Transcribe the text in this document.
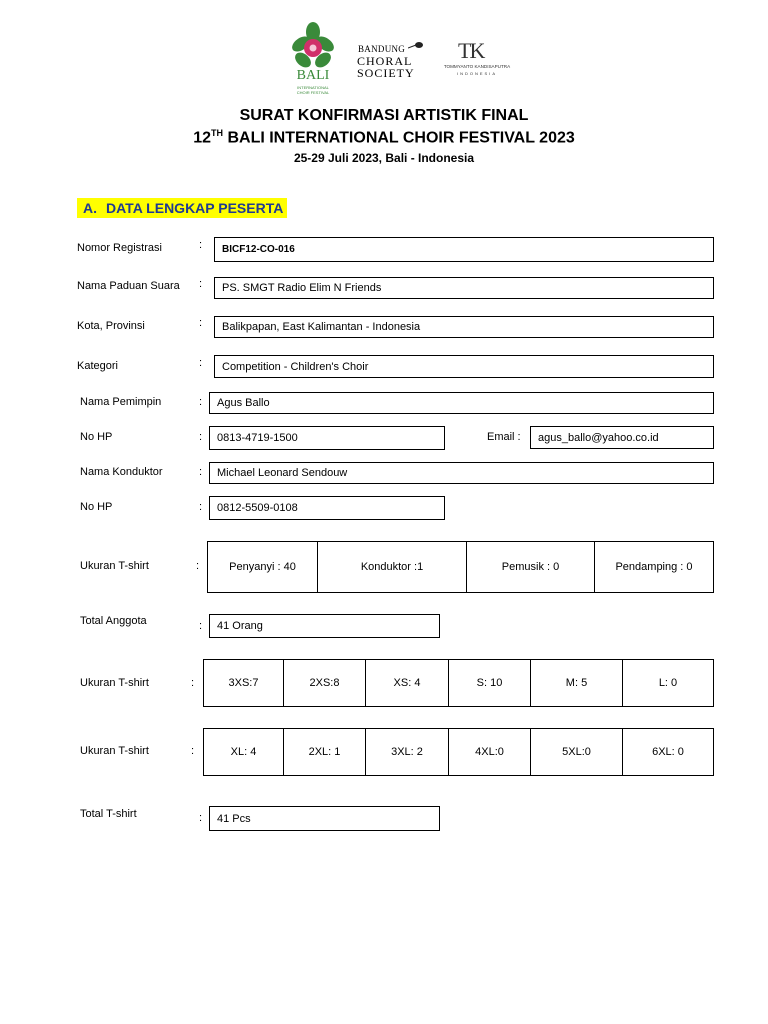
BALI
INTERNATIONAL
CHOIR FESTIVAL
BANDUNG
CHORAL
SOCIETY
TK
TOMMYANTO KANDISAPUTRA
INDONESIA
SURAT KONFIRMASI ARTISTIK FINAL
12TH BALI INTERNATIONAL CHOIR FESTIVAL 2023
25-29 Juli 2023, Bali - Indonesia
A. DATA LENGKAP PESERTA
Nomor Registrasi	:	BICF12-CO-016
Nama Paduan Suara :	PS. SMGT Radio Elim N Friends
Kota, Provinsi	:	Balikpapan, East Kalimantan - Indonesia
Kategori	:	Competition - Children's Choir
Nama Pemimpin	:	Agus Ballo
No HP	:	0813-4719-1500	Email :	agus_ballo@yahoo.co.id
Nama Konduktor	:	Michael Leonard Sendouw
No HP	:	0812-5509-0108
Ukuran T-shirt	:	Penyanyi : 40	Konduktor :1	Pemusik : 0	Pendamping : 0
Total Anggota	:	41 Orang
Ukuran T-shirt	:	3XS:7	2XS:8	XS: 4	S: 10	M: 5	L: 0
Ukuran T-shirt	:	XL: 4	2XL: 1	3XL: 2	4XL:0	5XL:0	6XL: 0
Total T-shirt	:	41 Pcs
